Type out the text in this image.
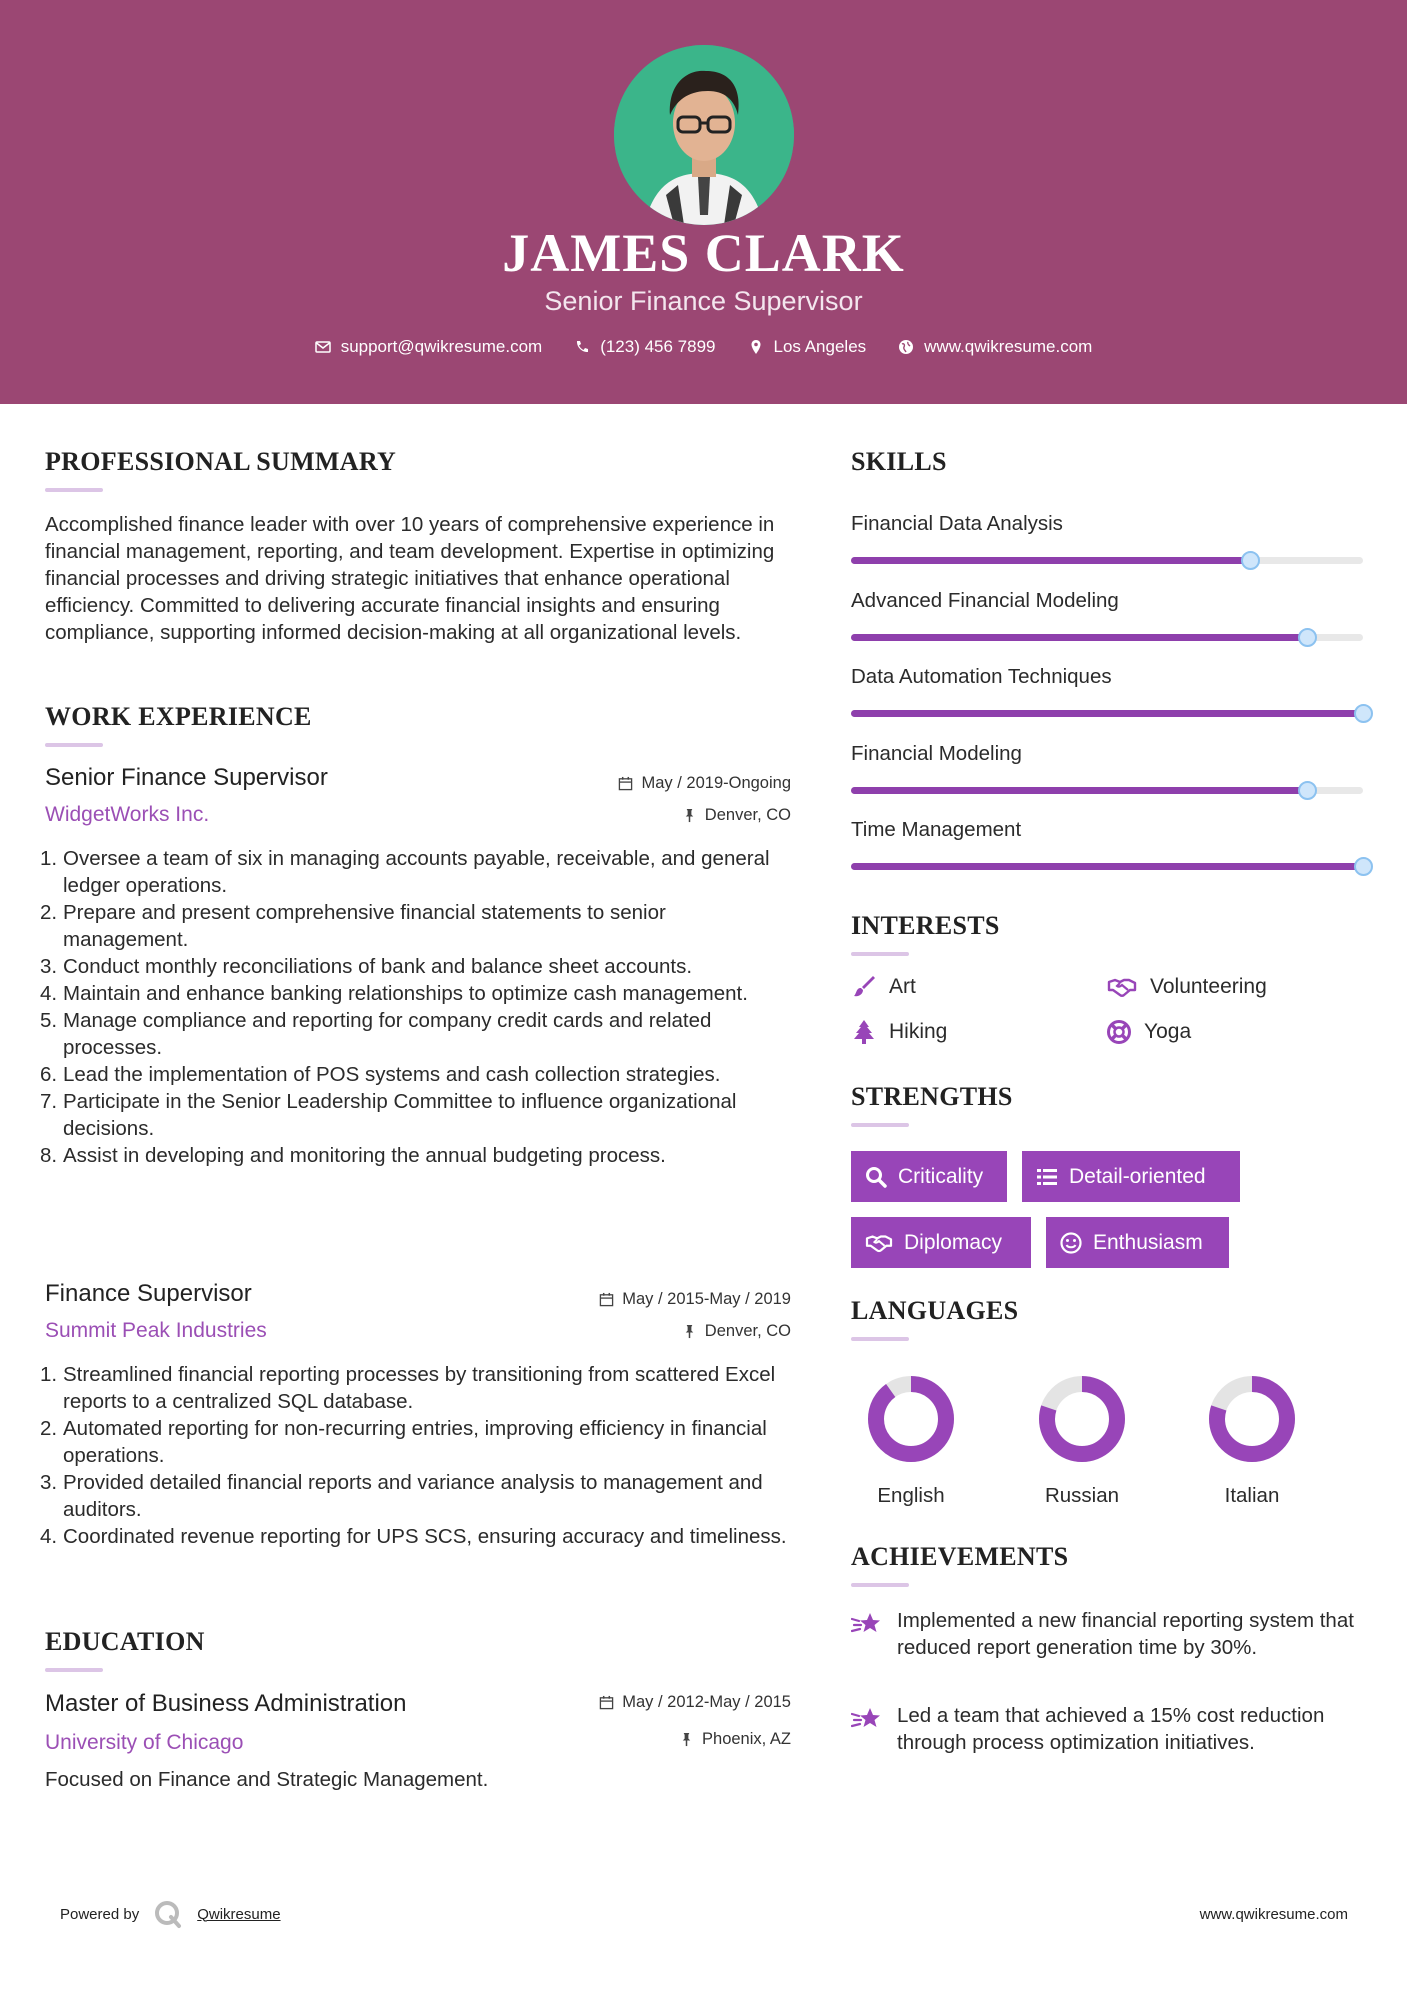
JAMES CLARK
Senior Finance Supervisor
support@qwikresume.com	(123) 456 7899	Los Angeles	www.qwikresume.com
PROFESSIONAL SUMMARY
Accomplished finance leader with over 10 years of comprehensive experience in financial management, reporting, and team development. Expertise in optimizing financial processes and driving strategic initiatives that enhance operational efficiency. Committed to delivering accurate financial insights and ensuring compliance, supporting informed decision-making at all organizational levels.
WORK EXPERIENCE
Senior Finance Supervisor	May / 2019-Ongoing
WidgetWorks Inc.	Denver, CO
1. Oversee a team of six in managing accounts payable, receivable, and general ledger operations.
2. Prepare and present comprehensive financial statements to senior management.
3. Conduct monthly reconciliations of bank and balance sheet accounts.
4. Maintain and enhance banking relationships to optimize cash management.
5. Manage compliance and reporting for company credit cards and related processes.
6. Lead the implementation of POS systems and cash collection strategies.
7. Participate in the Senior Leadership Committee to influence organizational decisions.
8. Assist in developing and monitoring the annual budgeting process.
Finance Supervisor	May / 2015-May / 2019
Summit Peak Industries	Denver, CO
1. Streamlined financial reporting processes by transitioning from scattered Excel reports to a centralized SQL database.
2. Automated reporting for non-recurring entries, improving efficiency in financial operations.
3. Provided detailed financial reports and variance analysis to management and auditors.
4. Coordinated revenue reporting for UPS SCS, ensuring accuracy and timeliness.
EDUCATION
Master of Business Administration	May / 2012-May / 2015
University of Chicago	Phoenix, AZ
Focused on Finance and Strategic Management.
SKILLS
Financial Data Analysis
Advanced Financial Modeling
Data Automation Techniques
Financial Modeling
Time Management
INTERESTS
Art	Volunteering
Hiking	Yoga
STRENGTHS
Criticality	Detail-oriented
Diplomacy	Enthusiasm
LANGUAGES
English	Russian	Italian
ACHIEVEMENTS
Implemented a new financial reporting system that reduced report generation time by 30%.
Led a team that achieved a 15% cost reduction through process optimization initiatives.
Powered by	Qwikresume	www.qwikresume.com
